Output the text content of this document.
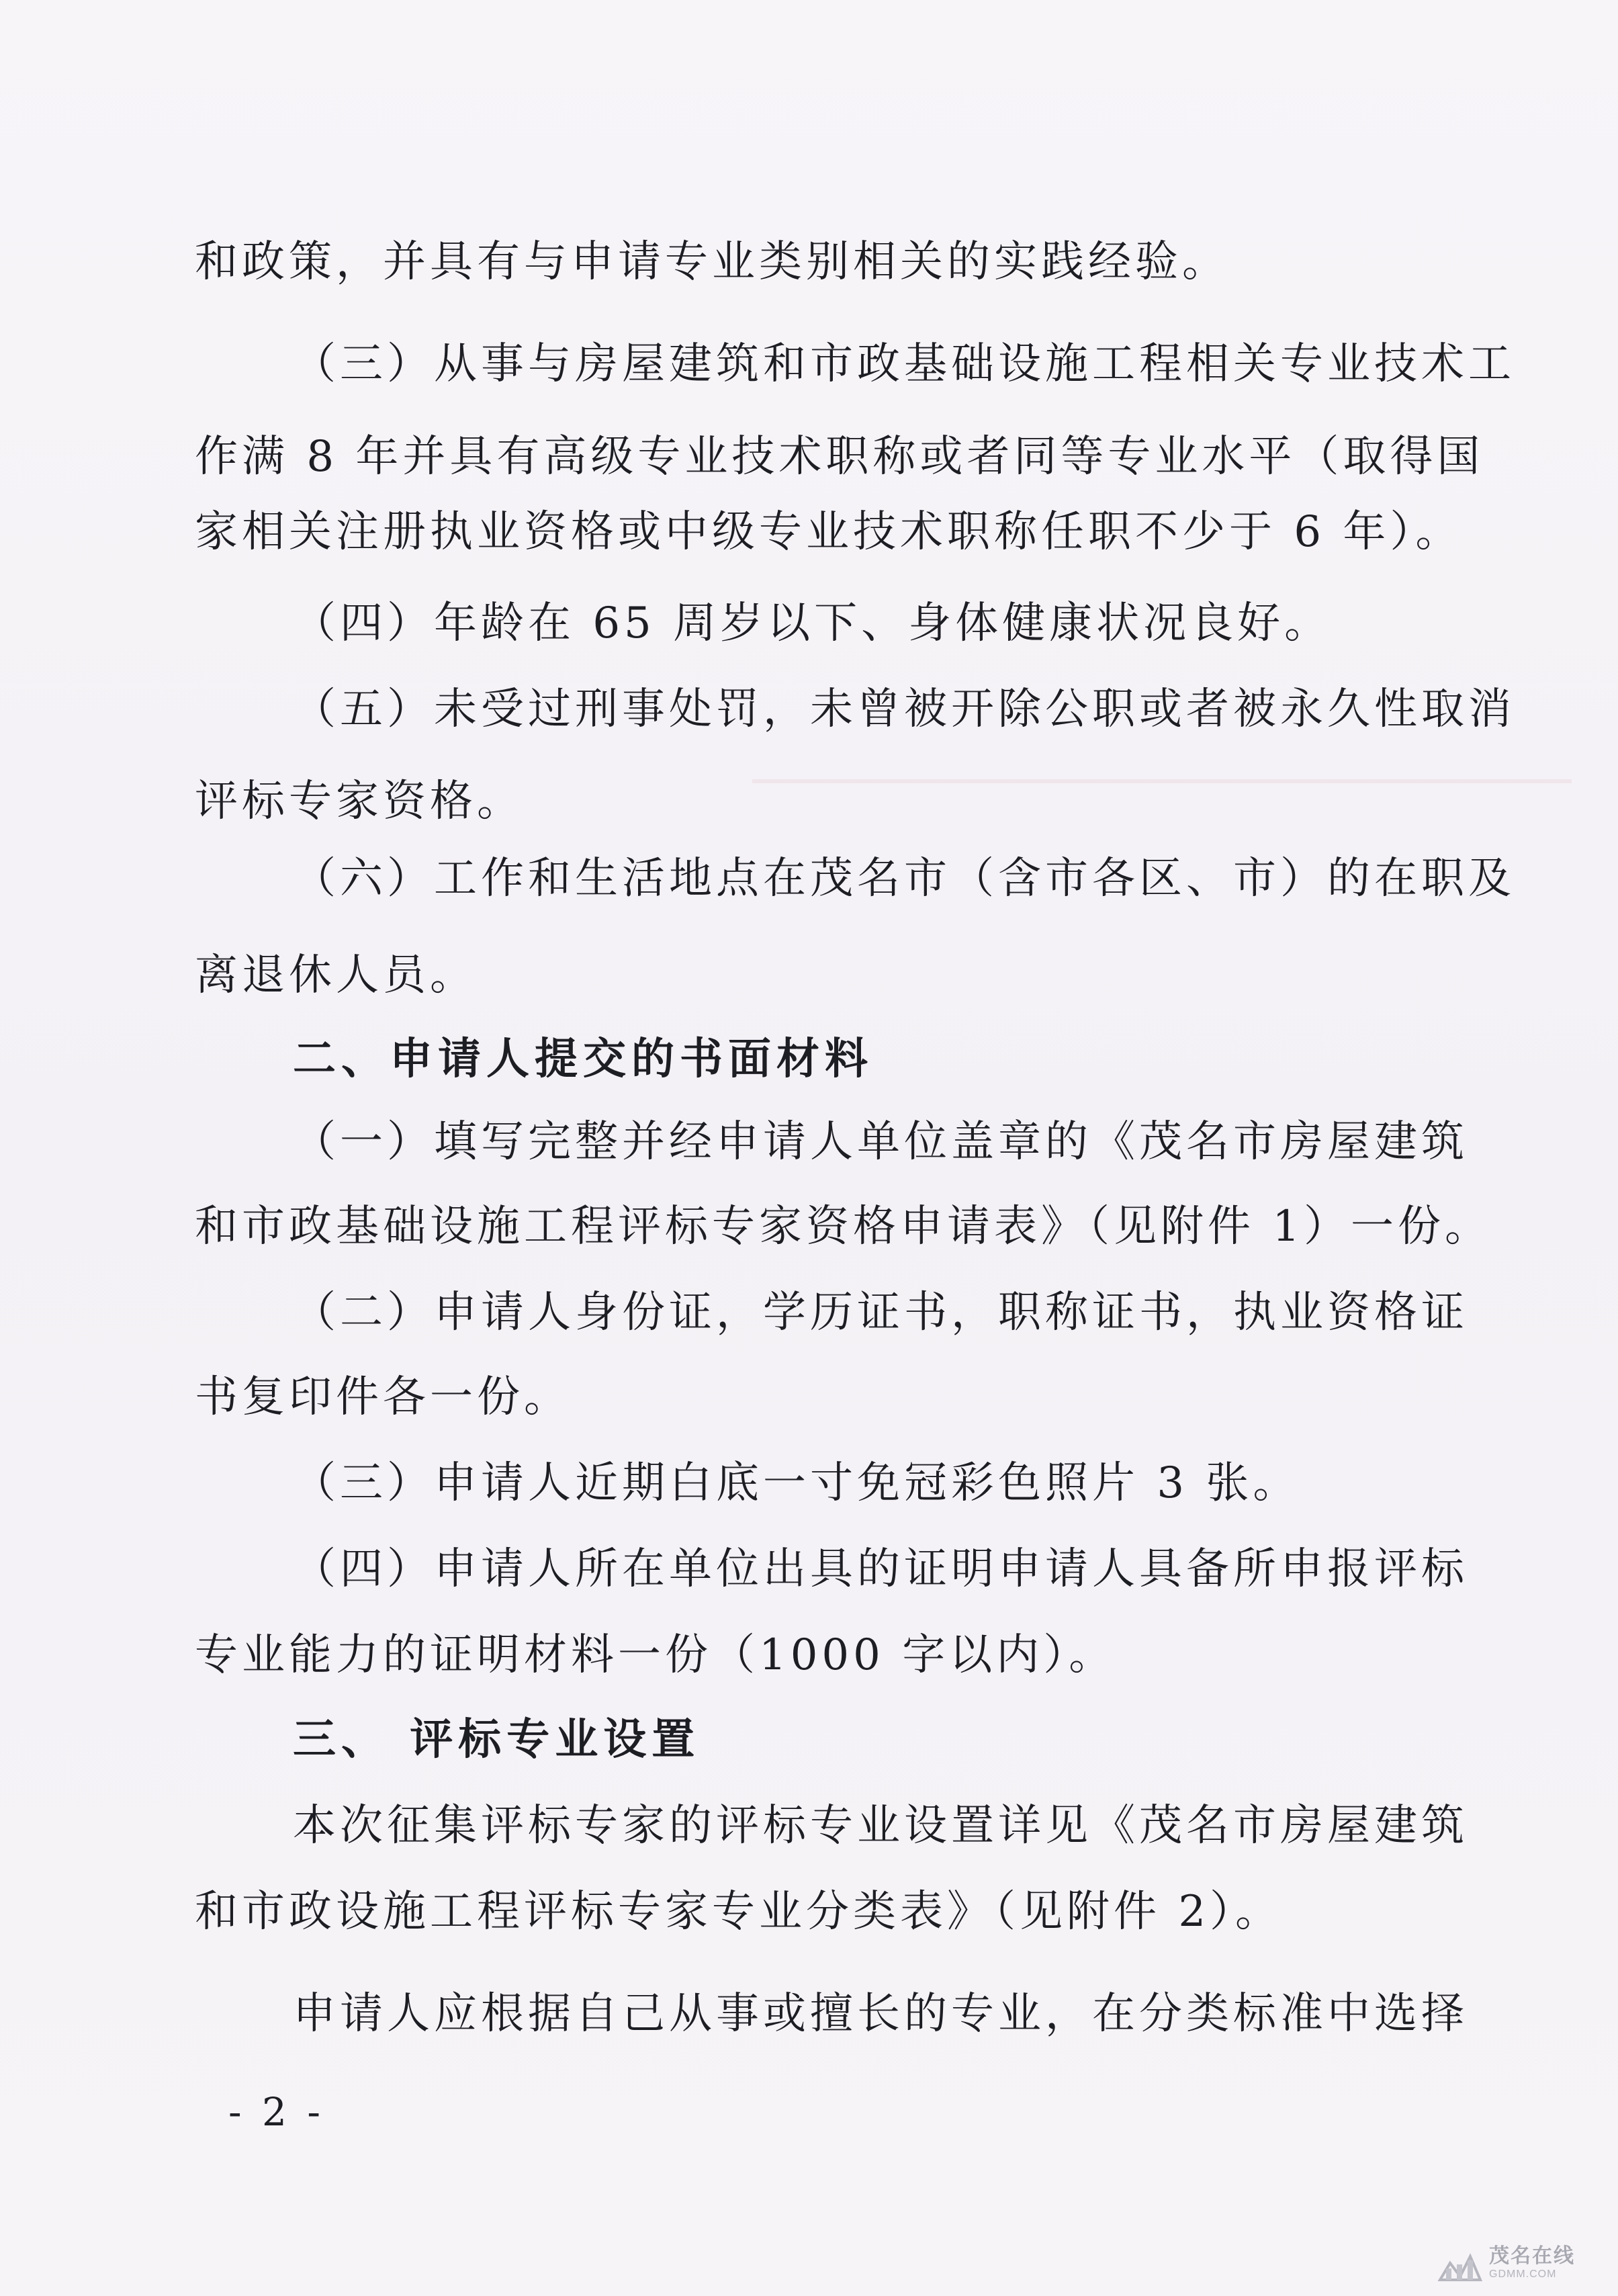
和政策，并具有与申请专业类别相关的实践经验。

（三）从事与房屋建筑和市政基础设施工程相关专业技术工

作满 8 年并具有高级专业技术职称或者同等专业水平（取得国

家相关注册执业资格或中级专业技术职称任职不少于 6 年）。

（四）年龄在 65 周岁以下、身体健康状况良好。

（五）未受过刑事处罚，未曾被开除公职或者被永久性取消

评标专家资格。

（六）工作和生活地点在茂名市（含市各区、市）的在职及

离退休人员。

二、申请人提交的书面材料

（一）填写完整并经申请人单位盖章的《茂名市房屋建筑

和市政基础设施工程评标专家资格申请表》（见附件 1）一份。

（二）申请人身份证，学历证书，职称证书，执业资格证

书复印件各一份。

（三）申请人近期白底一寸免冠彩色照片 3 张。

（四）申请人所在单位出具的证明申请人具备所申报评标

专业能力的证明材料一份（1000 字以内）。

三、 评标专业设置

本次征集评标专家的评标专业设置详见《茂名市房屋建筑

和市政设施工程评标专家专业分类表》（见附件 2）。

申请人应根据自己从事或擅长的专业，在分类标准中选择

- 2 -
茂名在线
GDMM.COM
